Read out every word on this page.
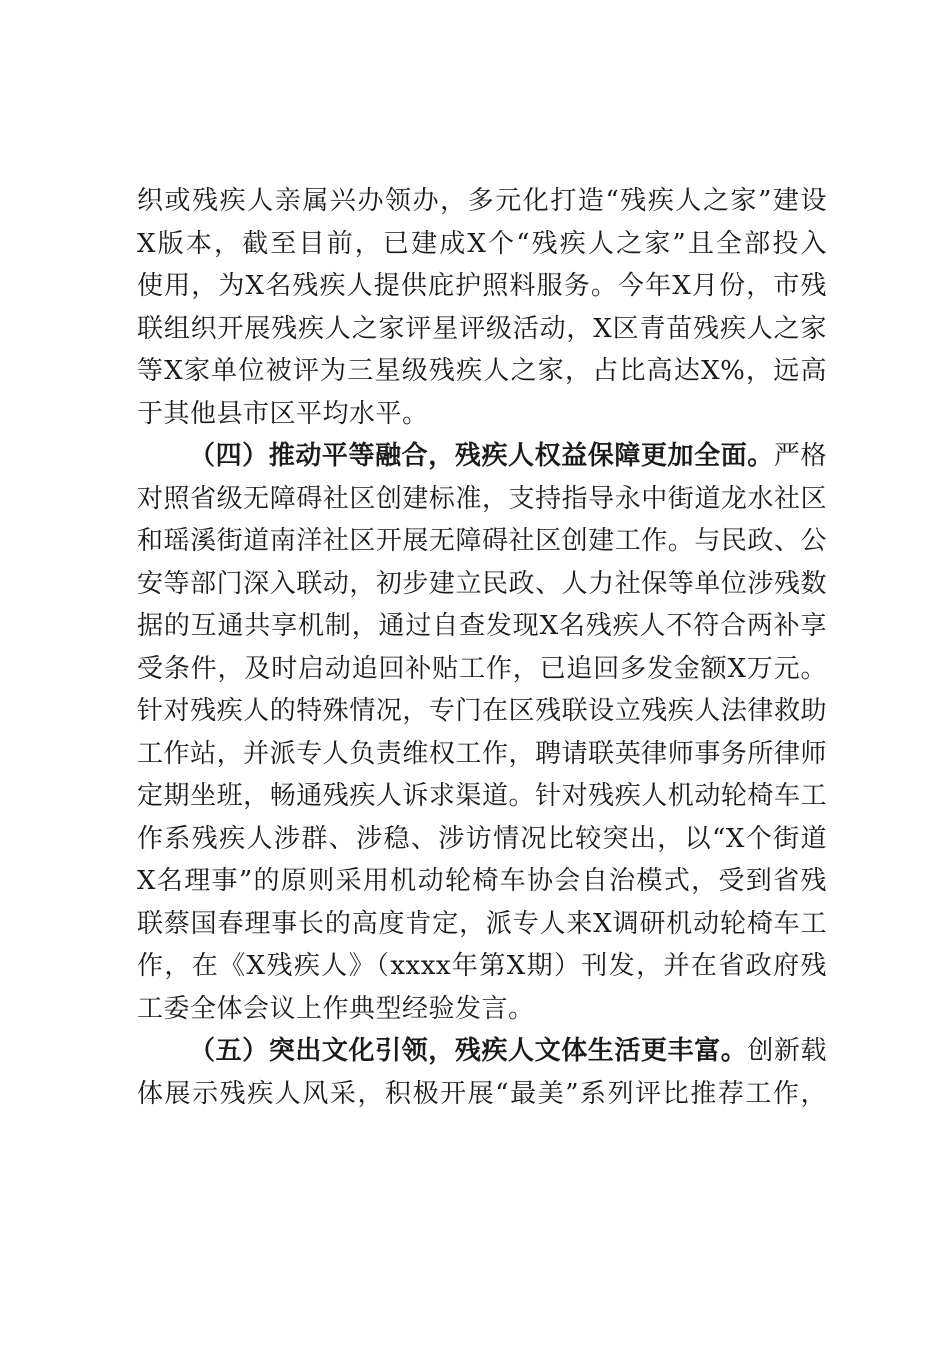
织或残疾人亲属兴办领办，多元化打造“残疾人之家”建设
X版本，截至目前，已建成X个“残疾人之家”且全部投入
使用，为X名残疾人提供庇护照料服务。今年X月份，市残
联组织开展残疾人之家评星评级活动，X区青苗残疾人之家
等X家单位被评为三星级残疾人之家，占比高达X%，远高
于其他县市区平均水平。
（四）推动平等融合，残疾人权益保障更加全面。严格
对照省级无障碍社区创建标准，支持指导永中街道龙水社区
和瑶溪街道南洋社区开展无障碍社区创建工作。与民政、公
安等部门深入联动，初步建立民政、人力社保等单位涉残数
据的互通共享机制，通过自查发现X名残疾人不符合两补享
受条件，及时启动追回补贴工作，已追回多发金额X万元。
针对残疾人的特殊情况，专门在区残联设立残疾人法律救助
工作站，并派专人负责维权工作，聘请联英律师事务所律师
定期坐班，畅通残疾人诉求渠道。针对残疾人机动轮椅车工
作系残疾人涉群、涉稳、涉访情况比较突出，以“X个街道
X名理事”的原则采用机动轮椅车协会自治模式，受到省残
联蔡国春理事长的高度肯定，派专人来X调研机动轮椅车工
作，在《X残疾人》（xxxx年第X期）刊发，并在省政府残
工委全体会议上作典型经验发言。
（五）突出文化引领，残疾人文体生活更丰富。创新载
体展示残疾人风采，积极开展“最美”系列评比推荐工作，
